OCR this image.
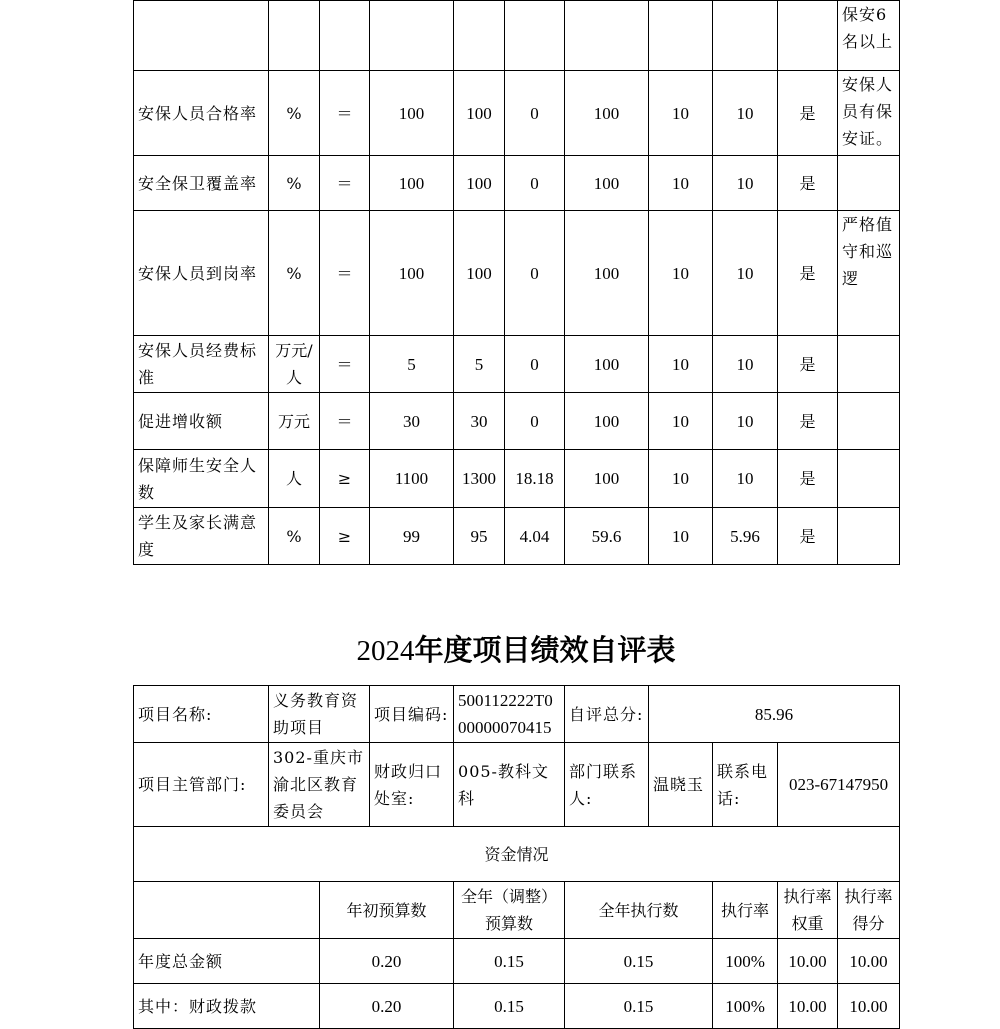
										保安6名以上
安保人员合格率	%	＝	100	100	0	100	10	10	是	安保人员有保安证。
安全保卫覆盖率	%	＝	100	100	0	100	10	10	是	
安保人员到岗率	%	＝	100	100	0	100	10	10	是	严格值守和巡逻
安保人员经费标准	万元/人	＝	5	5	0	100	10	10	是	
促进增收额	万元	＝	30	30	0	100	10	10	是	
保障师生安全人数	人	≥	1100	1300	18.18	100	10	10	是	
学生及家长满意度	%	≥	99	95	4.04	59.6	10	5.96	是	
2024年度项目绩效自评表
项目名称:	义务教育资助项目		项目编码:	500112222T000000070415	自评总分:	85.96			
项目主管部门:	302-重庆市渝北区教育委员会		财政归口处室:	005-教科文科	部门联系人:	温晓玉	联系电话:	023-67147950	
资金情况									
		年初预算数		全年（调整）预算数	全年执行数		执行率	执行率权重	执行率得分
年度总金额		0.20		0.15	0.15		100%	10.00	10.00
其中：财政拨款		0.20		0.15	0.15		100%	10.00	10.00
